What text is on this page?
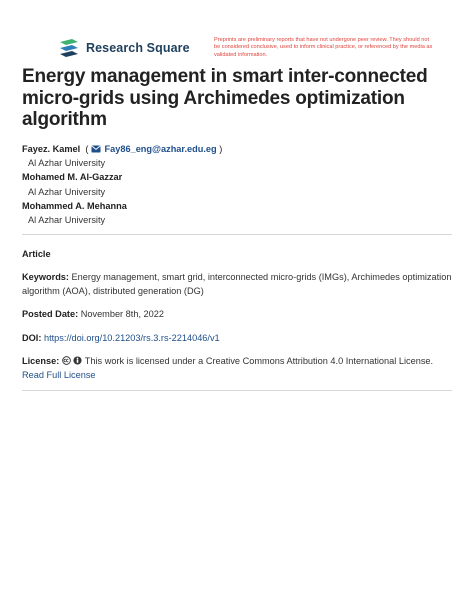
Research Square
Preprints are preliminary reports that have not undergone peer review. They should not be considered conclusive, used to inform clinical practice, or referenced by the media as validated information.
Energy management in smart inter-connected micro-grids using Archimedes optimization algorithm
Fayez. Kamel  ( Fay86_eng@azhar.edu.eg )
Al Azhar University
Mohamed M. Al-Gazzar
Al Azhar University
Mohammed A. Mehanna
Al Azhar University
Article
Keywords: Energy management, smart grid, interconnected micro-grids (IMGs), Archimedes optimization algorithm (AOA), distributed generation (DG)
Posted Date: November 8th, 2022
DOI: https://doi.org/10.21203/rs.3.rs-2214046/v1
License:	This work is licensed under a Creative Commons Attribution 4.0 International License.
Read Full License
